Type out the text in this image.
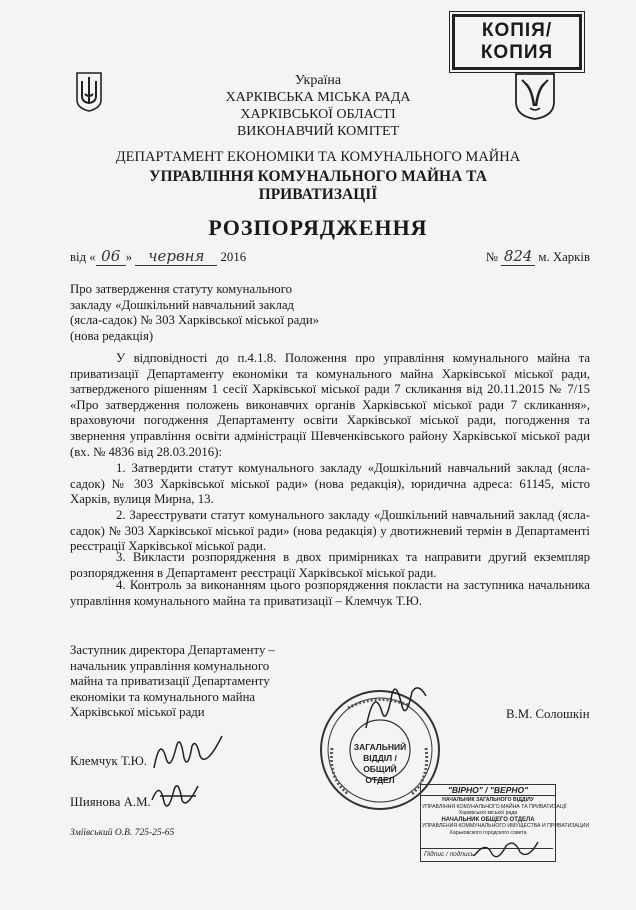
КОПІЯ/
КОПИЯ
Україна
ХАРКІВСЬКА МІСЬКА РАДА
ХАРКІВСЬКОЇ ОБЛАСТІ
ВИКОНАВЧИЙ КОМІТЕТ
ДЕПАРТАМЕНТ ЕКОНОМІКИ ТА КОМУНАЛЬНОГО МАЙНА
УПРАВЛІННЯ КОМУНАЛЬНОГО МАЙНА ТА
ПРИВАТИЗАЦІЇ
РОЗПОРЯДЖЕННЯ
від « 06 » червня 2016	№ 824 м. Харків
Про затвердження статуту комунального
закладу «Дошкільний навчальний заклад
(ясла-садок) № 303 Харківської міської ради»
(нова редакція)
У відповідності до п.4.1.8. Положення про управління комунального майна та приватизації Департаменту економіки та комунального майна Харківської міської ради, затвердженого рішенням 1 сесії Харківської міської ради 7 скликання від 20.11.2015 № 7/15 «Про затвердження положень виконавчих органів Харківської міської ради 7 скликання», враховуючи погодження Департаменту освіти Харківської міської ради, погодження та звернення управління освіти адміністрації Шевченківського району Харківської міської ради (вх. № 4836 від 28.03.2016):
1. Затвердити статут комунального закладу «Дошкільний навчальний заклад (ясла-садок) № 303 Харківської міської ради» (нова редакція), юридична адреса: 61145, місто Харків, вулиця Мирна, 13.
2. Зареєструвати статут комунального закладу «Дошкільний навчальний заклад (ясла-садок) № 303 Харківської міської ради» (нова редакція) у двотижневий термін в Департаменті реєстрації Харківської міської ради.
3. Викласти розпорядження в двох примірниках та направити другий екземпляр розпорядження в Департамент реєстрації Харківської міської ради.
4. Контроль за виконанням цього розпорядження покласти на заступника начальника управління комунального майна та приватизації – Клемчук Т.Ю.
Заступник директора Департаменту –
начальник управління комунального
майна та приватизації Департаменту
економіки та комунального майна
Харківської міської ради	В.М. Солошкін
Клемчук Т.Ю.
Шиянова А.М.
Зміївський О.В. 725-25-65
ЗАГАЛЬНИЙ
ВІДДІЛ /
ОБЩИЙ ОТДЕЛ
"ВІРНО" / "ВЕРНО"
НАЧАЛЬНИК ЗАГАЛЬНОГО ВІДДІЛУ
УПРАВЛІННЯ КОМУНАЛЬНОГО МАЙНА ТА ПРИВАТИЗАЦІЇ
Харківської міської ради
НАЧАЛЬНИК ОБЩЕГО ОТДЕЛА
УПРАВЛЕНИЯ КОММУНАЛЬНОГО ИМУЩЕСТВА И ПРИВАТИЗАЦИИ
Харьковского городского совета
Підпис / подпись
